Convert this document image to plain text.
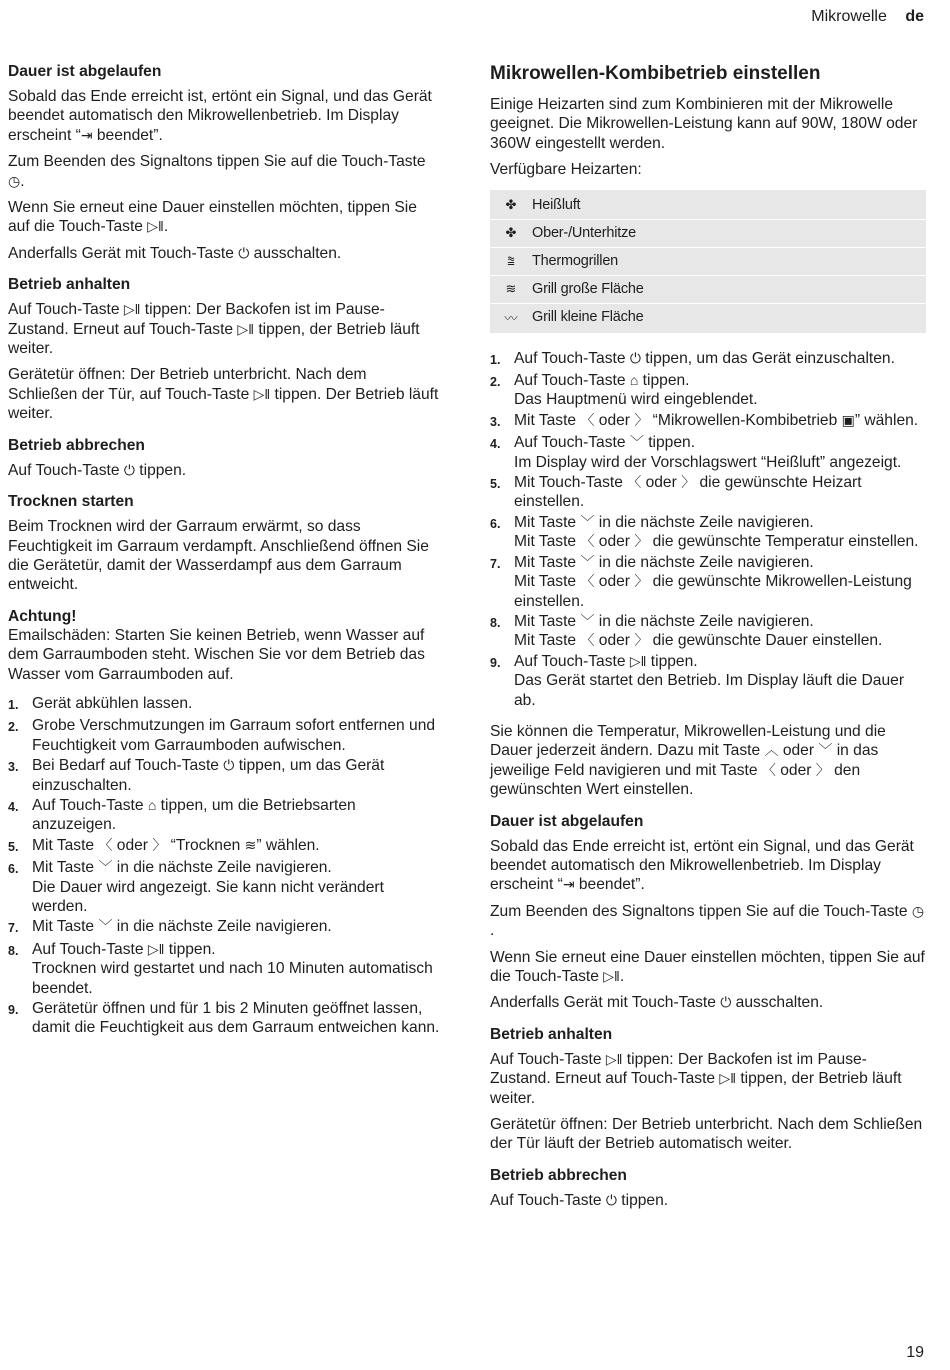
Mikrowelle de
Dauer ist abgelaufen

Sobald das Ende erreicht ist, ertönt ein Signal, und das Gerät beendet automatisch den Mikrowellenbetrieb. Im Display erscheint “⇥ beendet”.

Zum Beenden des Signaltons tippen Sie auf die Touch-Taste ◷.

Wenn Sie erneut eine Dauer einstellen möchten, tippen Sie auf die Touch-Taste ▷‖.

Anderfalls Gerät mit Touch-Taste ⏻ ausschalten.

Betrieb anhalten

Auf Touch-Taste ▷‖ tippen: Der Backofen ist im Pause-Zustand. Erneut auf Touch-Taste ▷‖ tippen, der Betrieb läuft weiter.

Gerätetür öffnen: Der Betrieb unterbricht. Nach dem Schließen der Tür, auf Touch-Taste ▷‖ tippen. Der Betrieb läuft weiter.

Betrieb abbrechen

Auf Touch-Taste ⏻ tippen.

Trocknen starten

Beim Trocknen wird der Garraum erwärmt, so dass Feuchtigkeit im Garraum verdampft. Anschließend öffnen Sie die Gerätetür, damit der Wasserdampf aus dem Garraum entweicht.

Achtung!

Emailschäden: Starten Sie keinen Betrieb, wenn Wasser auf dem Garraumboden steht. Wischen Sie vor dem Betrieb das Wasser vom Garraumboden auf.

1. Gerät abkühlen lassen.
2. Grobe Verschmutzungen im Garraum sofort entfernen und Feuchtigkeit vom Garraumboden aufwischen.
3. Bei Bedarf auf Touch-Taste ⏻ tippen, um das Gerät einzuschalten.
4. Auf Touch-Taste ⌂ tippen, um die Betriebsarten anzuzeigen.
5. Mit Taste 〈 oder 〉 “Trocknen ≋” wählen.
6. Mit Taste ﹀ in die nächste Zeile navigieren.
Die Dauer wird angezeigt. Sie kann nicht verändert werden.
7. Mit Taste ﹀ in die nächste Zeile navigieren.
8. Auf Touch-Taste ▷‖ tippen.
Trocknen wird gestartet und nach 10 Minuten automatisch beendet.
9. Gerätetür öffnen und für 1 bis 2 Minuten geöffnet lassen, damit die Feuchtigkeit aus dem Garraum entweichen kann.
Mikrowellen-Kombibetrieb einstellen

Einige Heizarten sind zum Kombinieren mit der Mikrowelle geeignet. Die Mikrowellen-Leistung kann auf 90W, 180W oder 360W eingestellt werden.

Verfügbare Heizarten:

✤	Heißluft
✤	Ober-/Unterhitze
⩰	Thermogrillen
≋	Grill große Fläche
〰	Grill kleine Fläche
1. Auf Touch-Taste ⏻ tippen, um das Gerät einzuschalten.
2. Auf Touch-Taste ⌂ tippen.
Das Hauptmenü wird eingeblendet.
3. Mit Taste 〈 oder 〉 “Mikrowellen-Kombibetrieb ▣” wählen.
4. Auf Touch-Taste ﹀ tippen.
Im Display wird der Vorschlagswert “Heißluft” angezeigt.
5. Mit Touch-Taste 〈 oder 〉 die gewünschte Heizart einstellen.
6. Mit Taste ﹀ in die nächste Zeile navigieren.
Mit Taste 〈 oder 〉 die gewünschte Temperatur einstellen.
7. Mit Taste ﹀ in die nächste Zeile navigieren.
Mit Taste 〈 oder 〉 die gewünschte Mikrowellen-Leistung einstellen.
8. Mit Taste ﹀ in die nächste Zeile navigieren.
Mit Taste 〈 oder 〉 die gewünschte Dauer einstellen.
9. Auf Touch-Taste ▷‖ tippen.
Das Gerät startet den Betrieb. Im Display läuft die Dauer ab.

Sie können die Temperatur, Mikrowellen-Leistung und die Dauer jederzeit ändern. Dazu mit Taste ︿ oder ﹀ in das jeweilige Feld navigieren und mit Taste 〈 oder 〉 den gewünschten Wert einstellen.

Dauer ist abgelaufen

Sobald das Ende erreicht ist, ertönt ein Signal, und das Gerät beendet automatisch den Mikrowellenbetrieb. Im Display erscheint “⇥ beendet”.

Zum Beenden des Signaltons tippen Sie auf die Touch-Taste ◷.

Wenn Sie erneut eine Dauer einstellen möchten, tippen Sie auf die Touch-Taste ▷‖.

Anderfalls Gerät mit Touch-Taste ⏻ ausschalten.

Betrieb anhalten

Auf Touch-Taste ▷‖ tippen: Der Backofen ist im Pause-Zustand. Erneut auf Touch-Taste ▷‖ tippen, der Betrieb läuft weiter.

Gerätetür öffnen: Der Betrieb unterbricht. Nach dem Schließen der Tür läuft der Betrieb automatisch weiter.

Betrieb abbrechen

Auf Touch-Taste ⏻ tippen.

19
